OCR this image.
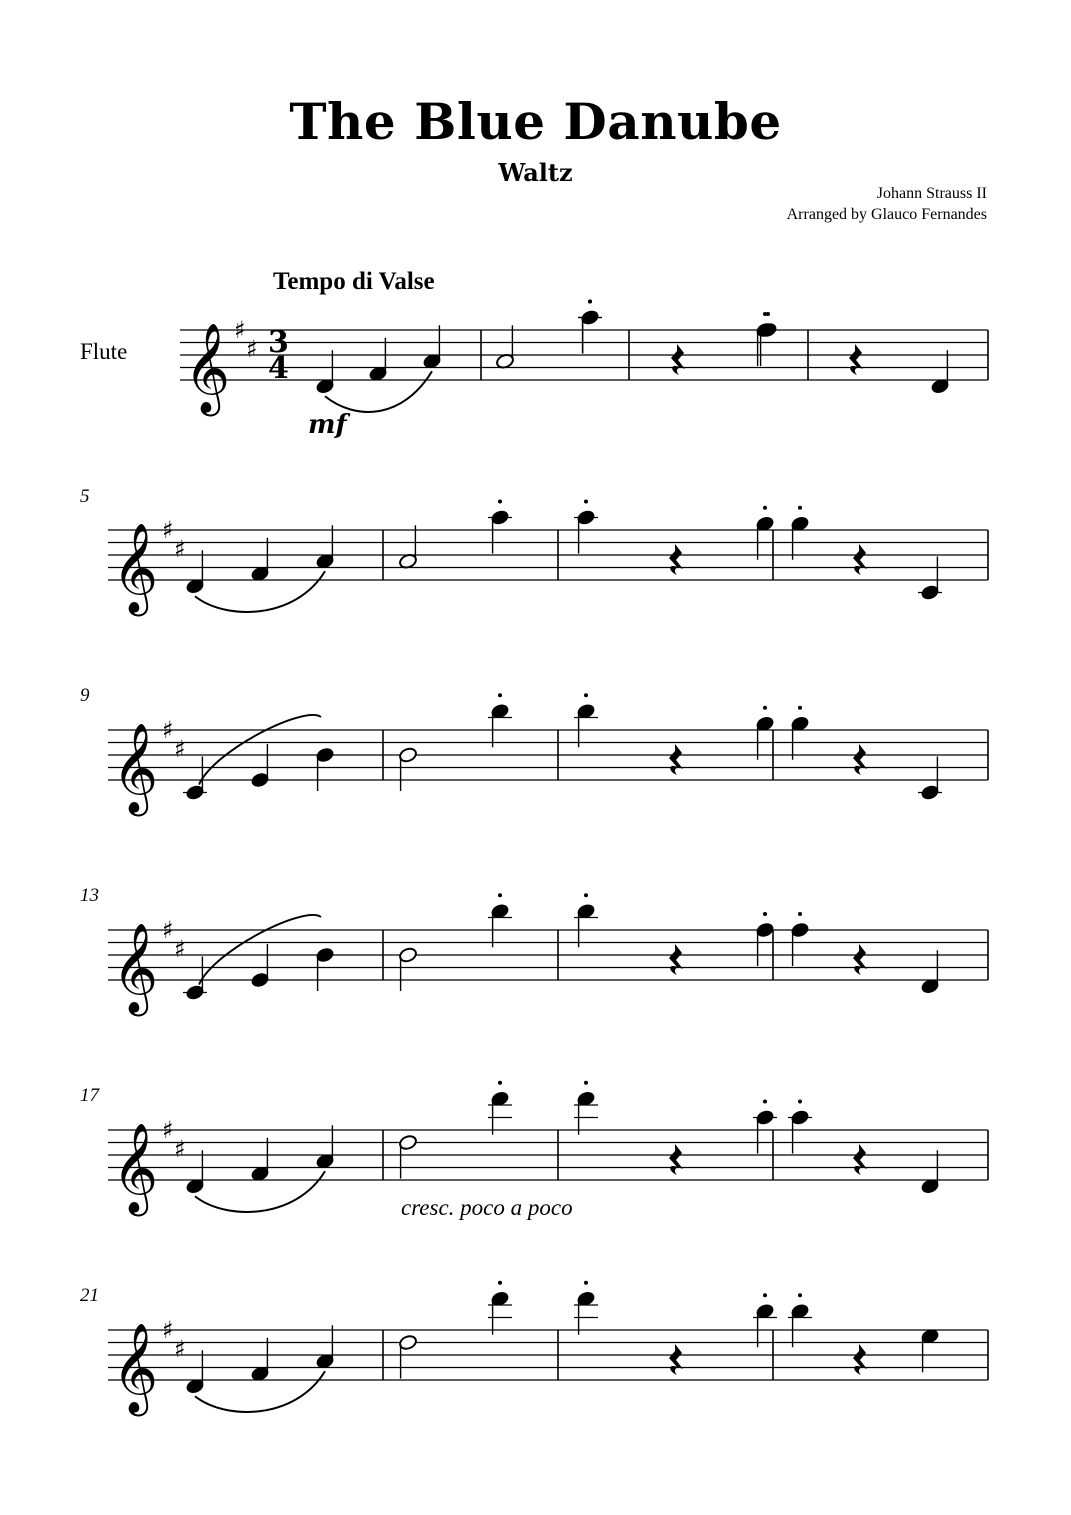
The Blue Danube
Waltz
Johann Strauss II
Arranged by Glauco Fernandes
Tempo di Valse
Flute
mf
cresc. poco a poco
5
9
13
17
21
𝄞 ♯
♯ 3
4
𝄞 ♯
♯
𝄞 ♯
♯
𝄞 ♯
♯
𝄞 ♯
♯
𝄞 ♯
♯
